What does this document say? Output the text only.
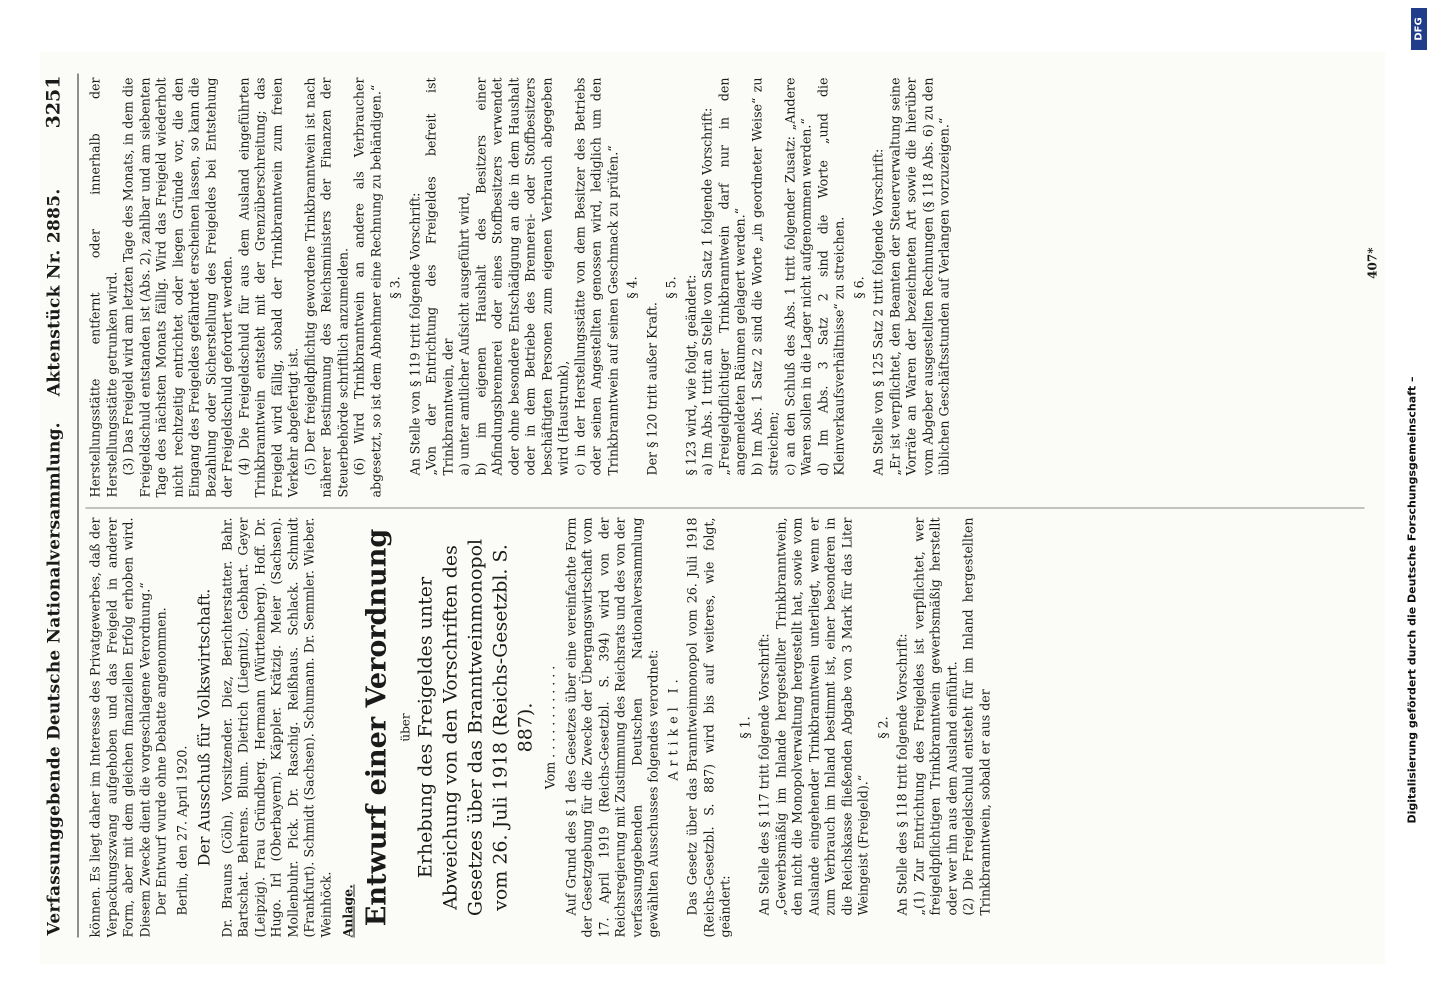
Verfassunggebende Deutsche Nationalversammlung.
Aktenstück Nr. 2885.
3251

können. Es liegt daher im Interesse des Privatgewerbes, daß der Verpackungszwang aufgehoben und das Freigeld in anderer Form, aber mit dem gleichen finanziellen Erfolg erhoben wird. Diesem Zwecke dient die vorgeschlagene Verordnung.“ Der Entwurf wurde ohne Debatte angenommen. Berlin, den 27. April 1920. Der Ausschuß für Volkswirtschaft. Dr. Brauns (Cöln), Vorsitzender. Diez, Berichterstatter. Bahr. Bartschat. Behrens. Blum. Dietrich (Liegnitz). Gebhart. Geyer (Leipzig). Frau Gründberg. Hermann (Württemberg). Hoff. Dr. Hugo. Irl (Oberbayern). Käppler. Krätzig. Meier (Sachsen). Mollenbuhr. Pick. Dr. Raschig. Reißhaus. Schlack. Schmidt (Frankfurt). Schmidt (Sachsen). Schumann. Dr. Semmler. Wieber. Weinhöck. Anlage. Entwurf einer Verordnung über Erhebung des Freigeldes unter Abweichung von den Vorschriften des Gesetzes über das Branntweinmonopol vom 26. Juli 1918 (Reichs-Gesetzbl. S. 887). Vom . . . . . . . . . . . . Auf Grund des § 1 des Gesetzes über eine vereinfachte Form der Gesetzgebung für die Zwecke der Übergangswirtschaft vom 17. April 1919 (Reichs-Gesetzbl. S. 394) wird von der Reichsregierung mit Zustimmung des Reichsrats und des von der verfassunggebenden Deutschen Nationalversammlung gewählten Ausschusses folgendes verordnet: Artikel I. Das Gesetz über das Branntweinmonopol vom 26. Juli 1918 (Reichs-Gesetzbl. S. 887) wird bis auf weiteres, wie folgt, geändert:

§ 1. An Stelle des § 117 tritt folgende Vorschrift: „Gewerbsmäßig im Inlande hergestellter Trinkbranntwein, den nicht die Monopolverwaltung hergestellt hat, sowie vom Auslande eingehender Trinkbranntwein unterliegt, wenn er zum Verbrauch im Inland bestimmt ist, einer besonderen in die Reichskasse fließenden Abgabe von 3 Mark für das Liter Weingeist (Freigeld).“

§ 2. An Stelle des § 118 tritt folgende Vorschrift: „(1) Zur Entrichtung des Freigeldes ist verpflichtet, wer freigeldpflichtigen Trinkbranntwein gewerbsmäßig herstellt oder wer ihn aus dem Ausland einführt. (2) Die Freigeldschuld entsteht für im Inland hergestellten Trinkbranntwein, sobald er aus der

Herstellungsstätte entfernt oder innerhalb der Herstellungsstätte getrunken wird. (3) Das Freigeld wird am letzten Tage des Monats, in dem die Freigeldschuld entstanden ist (Abs. 2), zahlbar und am siebenten Tage des nächsten Monats fällig. Wird das Freigeld wiederholt nicht rechtzeitig entrichtet oder liegen Gründe vor, die den Eingang des Freigeldes gefährdet erscheinen lassen, so kann die Bezahlung oder Sicherstellung des Freigeldes bei Entstehung der Freigeldschuld gefordert werden. (4) Die Freigeldschuld für aus dem Ausland eingeführten Trinkbranntwein entsteht mit der Grenzüberschreitung; das Freigeld wird fällig, sobald der Trinkbranntwein zum freien Verkehr abgefertigt ist. (5) Der freigeldpflichtig gewordene Trinkbranntwein ist nach näherer Bestimmung des Reichsministers der Finanzen der Steuerbehörde schriftlich anzumelden. (6) Wird Trinkbranntwein an andere als Verbraucher abgesetzt, so ist dem Abnehmer eine Rechnung zu behändigen.“ § 3. An Stelle von § 119 tritt folgende Vorschrift: „Von der Entrichtung des Freigeldes befreit ist Trinkbranntwein, der a) unter amtlicher Aufsicht ausgeführt wird, b) im eigenen Haushalt des Besitzers einer Abfindungsbrennerei oder eines Stoffbesitzers verwendet oder ohne besondere Entschädigung an die in dem Haushalt oder in dem Betriebe des Brennerei- oder Stoffbesitzers beschäftigten Personen zum eigenen Verbrauch abgegeben wird (Haustrunk), c) in der Herstellungsstätte von dem Besitzer des Betriebs oder seinen Angestellten genossen wird, lediglich um den Trinkbranntwein auf seinen Geschmack zu prüfen.“ § 4.

Der § 120 tritt außer Kraft.

§ 5. § 123 wird, wie folgt, geändert: a) Im Abs. 1 tritt an Stelle von Satz 1 folgende Vorschrift: „Freigeldpflichtiger Trinkbranntwein darf nur in den angemeldeten Räumen gelagert werden.“ b) Im Abs. 1 Satz 2 sind die Worte „in geordneter Weise“ zu streichen; c) an den Schluß des Abs. 1 tritt folgender Zusatz: „Andere Waren sollen in die Lager nicht aufgenommen werden.“ d) Im Abs. 3 Satz 2 sind die Worte „und die Kleinverkaufsverhältnisse“ zu streichen. § 6. An Stelle von § 125 Satz 2 tritt folgende Vorschrift: „Er ist verpflichtet, den Beamten der Steuerverwaltung seine Vorräte an Waren der bezeichneten Art sowie die hierüber vom Abgeber ausgestellten Rechnungen (§ 118 Abs. 6) zu den üblichen Geschäftsstunden auf Verlangen vorzuzeigen.“	407*
Digitalisierung gefördert durch die Deutsche Forschungsgemeinschaft –
DFG
